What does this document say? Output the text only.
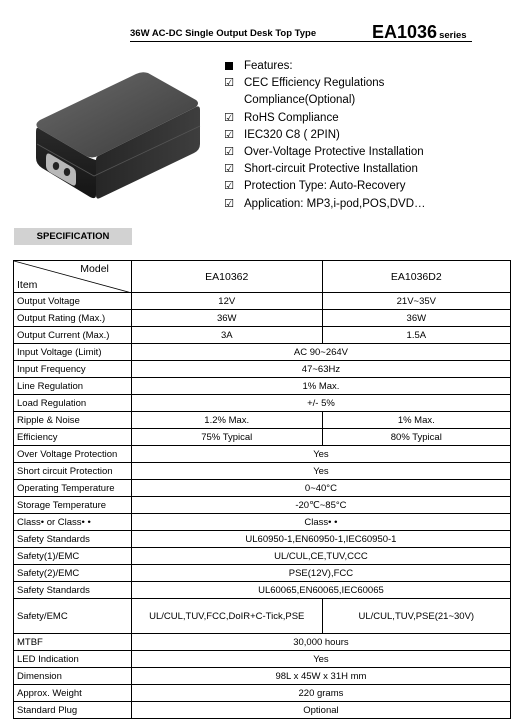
36W AC-DC Single Output Desk Top Type	EA1036 series
Features:
☑ CEC Efficiency Regulations
Compliance(Optional)
☑ RoHS Compliance
☑ IEC320 C8 ( 2PIN)
☑ Over-Voltage Protective Installation
☑ Short-circuit Protective Installation
☑ Protection Type: Auto-Recovery
☑ Application: MP3,i-pod,POS,DVD…
SPECIFICATION
Model
Item	EA10362	EA1036D2
Output Voltage	12V	21V~35V
Output Rating (Max.)	36W	36W
Output Current (Max.)	3A	1.5A
Input Voltage (Limit)	AC 90~264V	
Input Frequency	47~63Hz	
Line Regulation	1% Max.	
Load Regulation	+/- 5%	
Ripple & Noise	1.2% Max.	1% Max.
Efficiency	75% Typical	80% Typical
Over Voltage Protection	Yes	
Short circuit Protection	Yes	
Operating Temperature	0~40°C	
Storage Temperature	-20℃~85°C	
Class• or Class• •	Class• •	
Safety Standards	UL60950-1,EN60950-1,IEC60950-1	
Safety(1)/EMC	UL/CUL,CE,TUV,CCC	
Safety(2)/EMC	PSE(12V),FCC	
Safety Standards	UL60065,EN60065,IEC60065	
Safety/EMC	UL/CUL,TUV,FCC,DoIR+C-Tick,PSE	UL/CUL,TUV,PSE(21~30V)
MTBF	30,000 hours	
LED Indication	Yes	
Dimension	98L x 45W x 31H mm	
Approx. Weight	220 grams	
Standard Plug	Optional	
